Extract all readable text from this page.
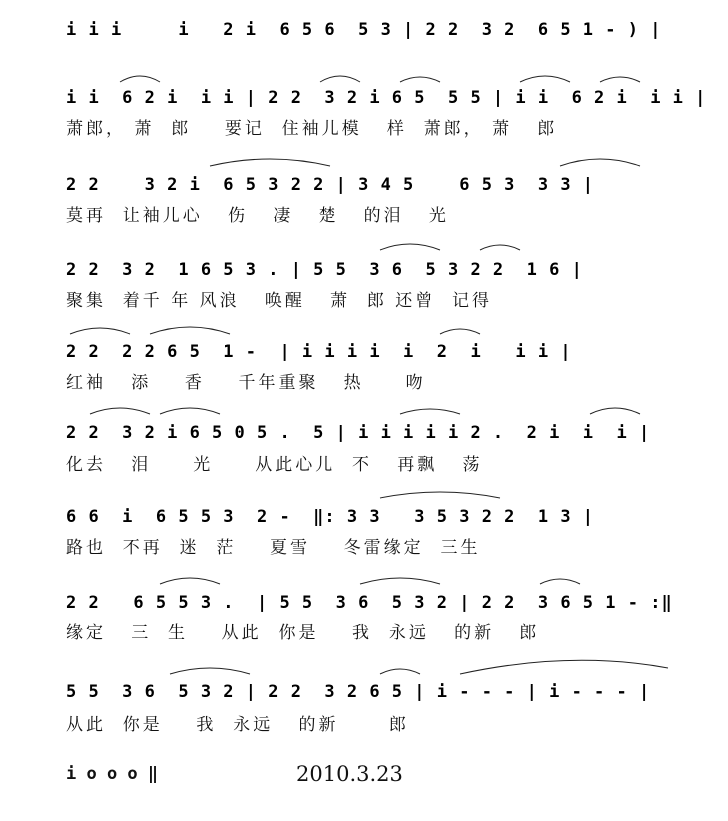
i i i     i   2 i  6 5 6  5 3 | 2 2  3 2  6 5 1 - ) |
i i  6 2 i  i i | 2 2  3 2 i 6 5  5 5 | i i  6 2 i  i i |
萧郎， 萧  郎    要记  住袖儿模   样  萧郎， 萧   郎
2 2    3 2 i  6 5 3 2 2 | 3 4 5    6 5 3  3 3 |
莫再  让袖儿心   伤   凄   楚   的泪   光
2 2  3 2  1 6 5 3 . | 5 5  3 6  5 3 2 2  1 6 |
聚集  着千 年 风浪   唤醒   萧  郎 还曾  记得
2 2  2 2 6 5  1 -  | i i i i  i  2  i   i i |
红袖   添    香    千年重聚   热     吻
2 2  3 2 i 6 5 0 5 .  5 | i i i i i 2 .  2 i  i  i |
化去   泪     光     从此心儿  不   再飘   荡
6 6  i  6 5 5 3  2 -  ‖: 3 3   3 5 3 2 2  1 3 |
路也  不再  迷  茫    夏雪    冬雷缘定  三生
2 2   6 5 5 3 .  | 5 5  3 6  5 3 2 | 2 2  3 6 5 1 - :‖
缘定   三  生    从此  你是    我  永远   的新   郎
5 5  3 6  5 3 2 | 2 2  3 2 6 5 | i - - - | i - - - |
从此  你是    我  永远   的新      郎
i o o o ‖	2010.3.23
